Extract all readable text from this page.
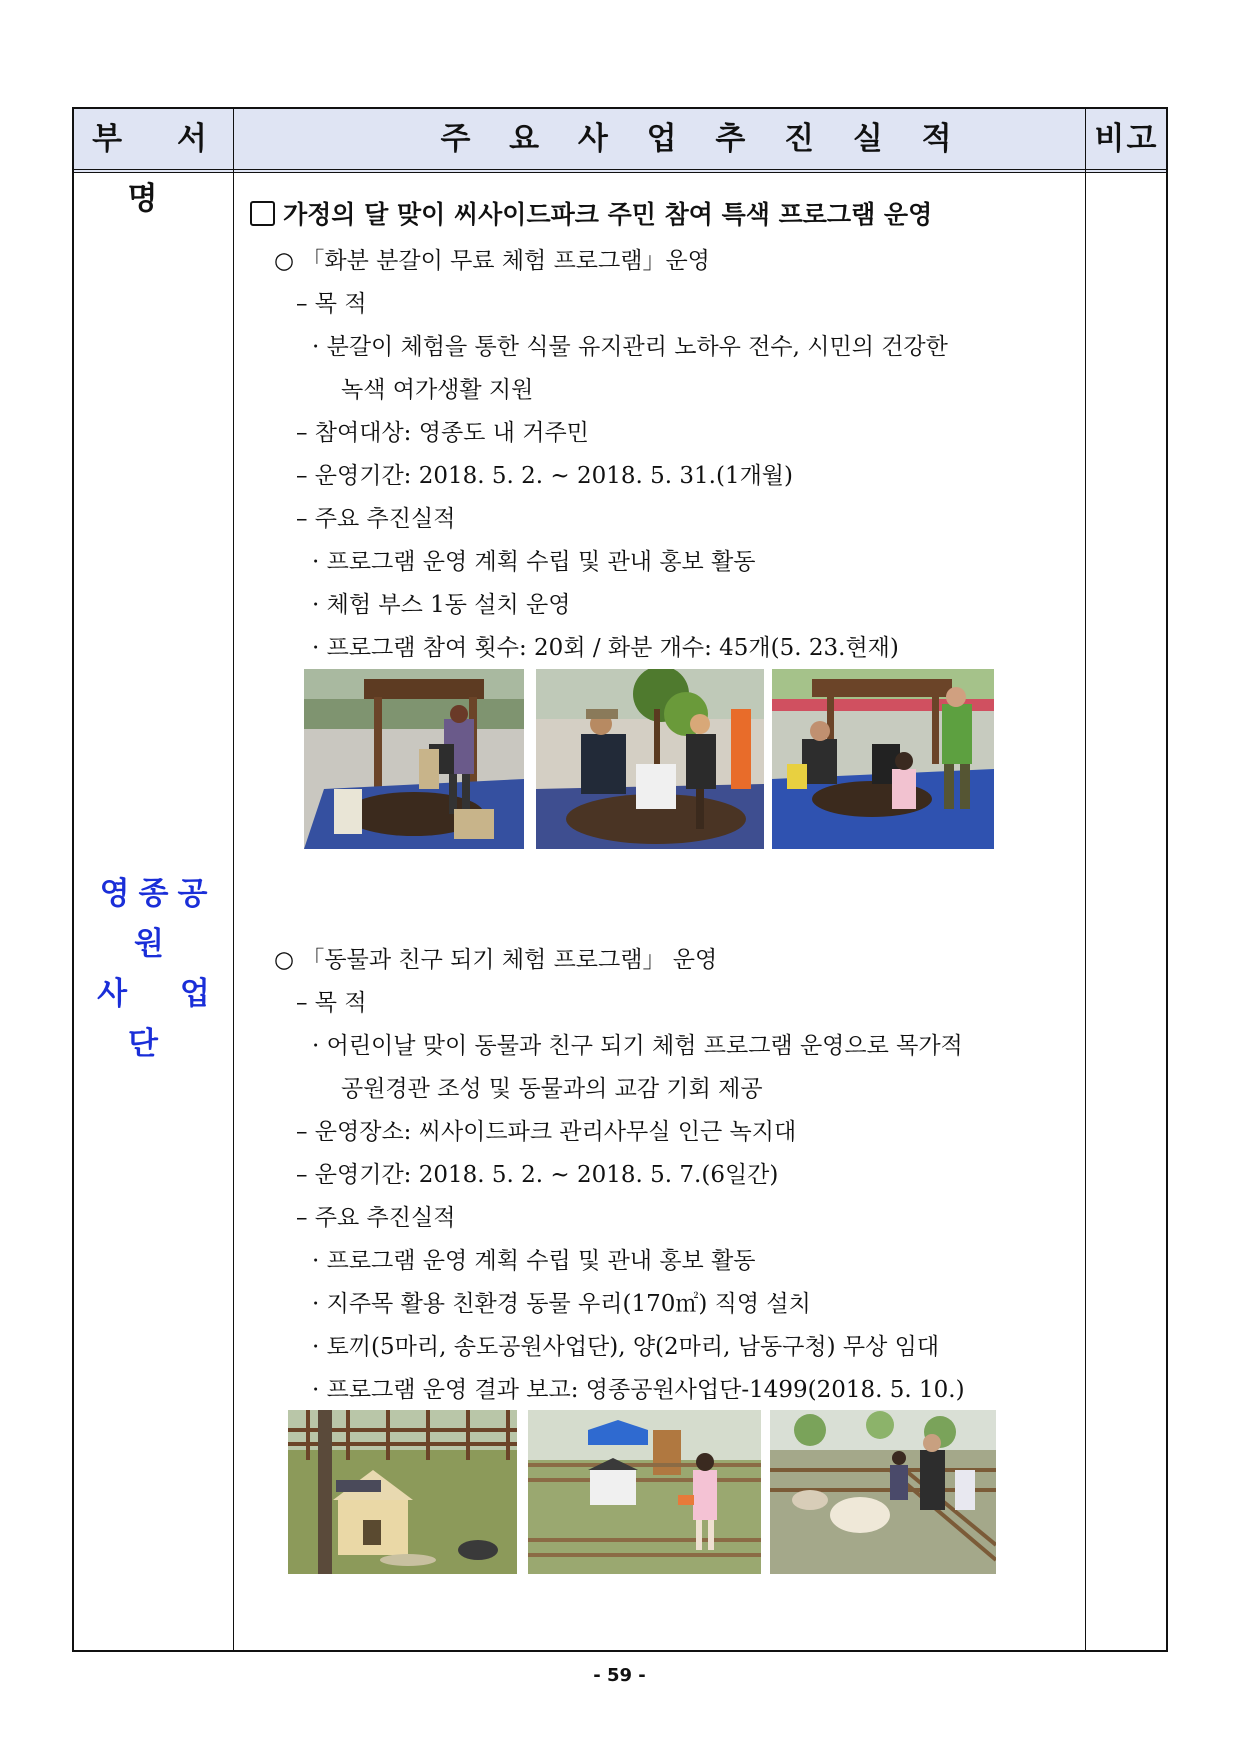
부 서 명
주 요 사 업 추 진 실 적	비고
영종공원
사 업 단
가정의 달 맞이 씨사이드파크 주민 참여 특색 프로그램 운영
○ 「화분 분갈이 무료 체험 프로그램」운영
– 목 적
· 분갈이 체험을 통한 식물 유지관리 노하우 전수, 시민의 건강한
녹색 여가생활 지원
– 참여대상: 영종도 내 거주민
– 운영기간: 2018. 5. 2. ~ 2018. 5. 31.(1개월)
– 주요 추진실적
· 프로그램 운영 계획 수립 및 관내 홍보 활동
· 체험 부스 1동 설치 운영
· 프로그램 참여 횟수: 20회 / 화분 개수: 45개(5. 23.현재)
○ 「동물과 친구 되기 체험 프로그램」 운영
– 목 적
· 어린이날 맞이 동물과 친구 되기 체험 프로그램 운영으로 목가적
공원경관 조성 및 동물과의 교감 기회 제공
– 운영장소: 씨사이드파크 관리사무실 인근 녹지대
– 운영기간: 2018. 5. 2. ~ 2018. 5. 7.(6일간)
– 주요 추진실적
· 프로그램 운영 계획 수립 및 관내 홍보 활동
· 지주목 활용 친환경 동물 우리(170㎡) 직영 설치
· 토끼(5마리, 송도공원사업단), 양(2마리, 남동구청) 무상 임대
· 프로그램 운영 결과 보고: 영종공원사업단-1499(2018. 5. 10.)
- 59 -
